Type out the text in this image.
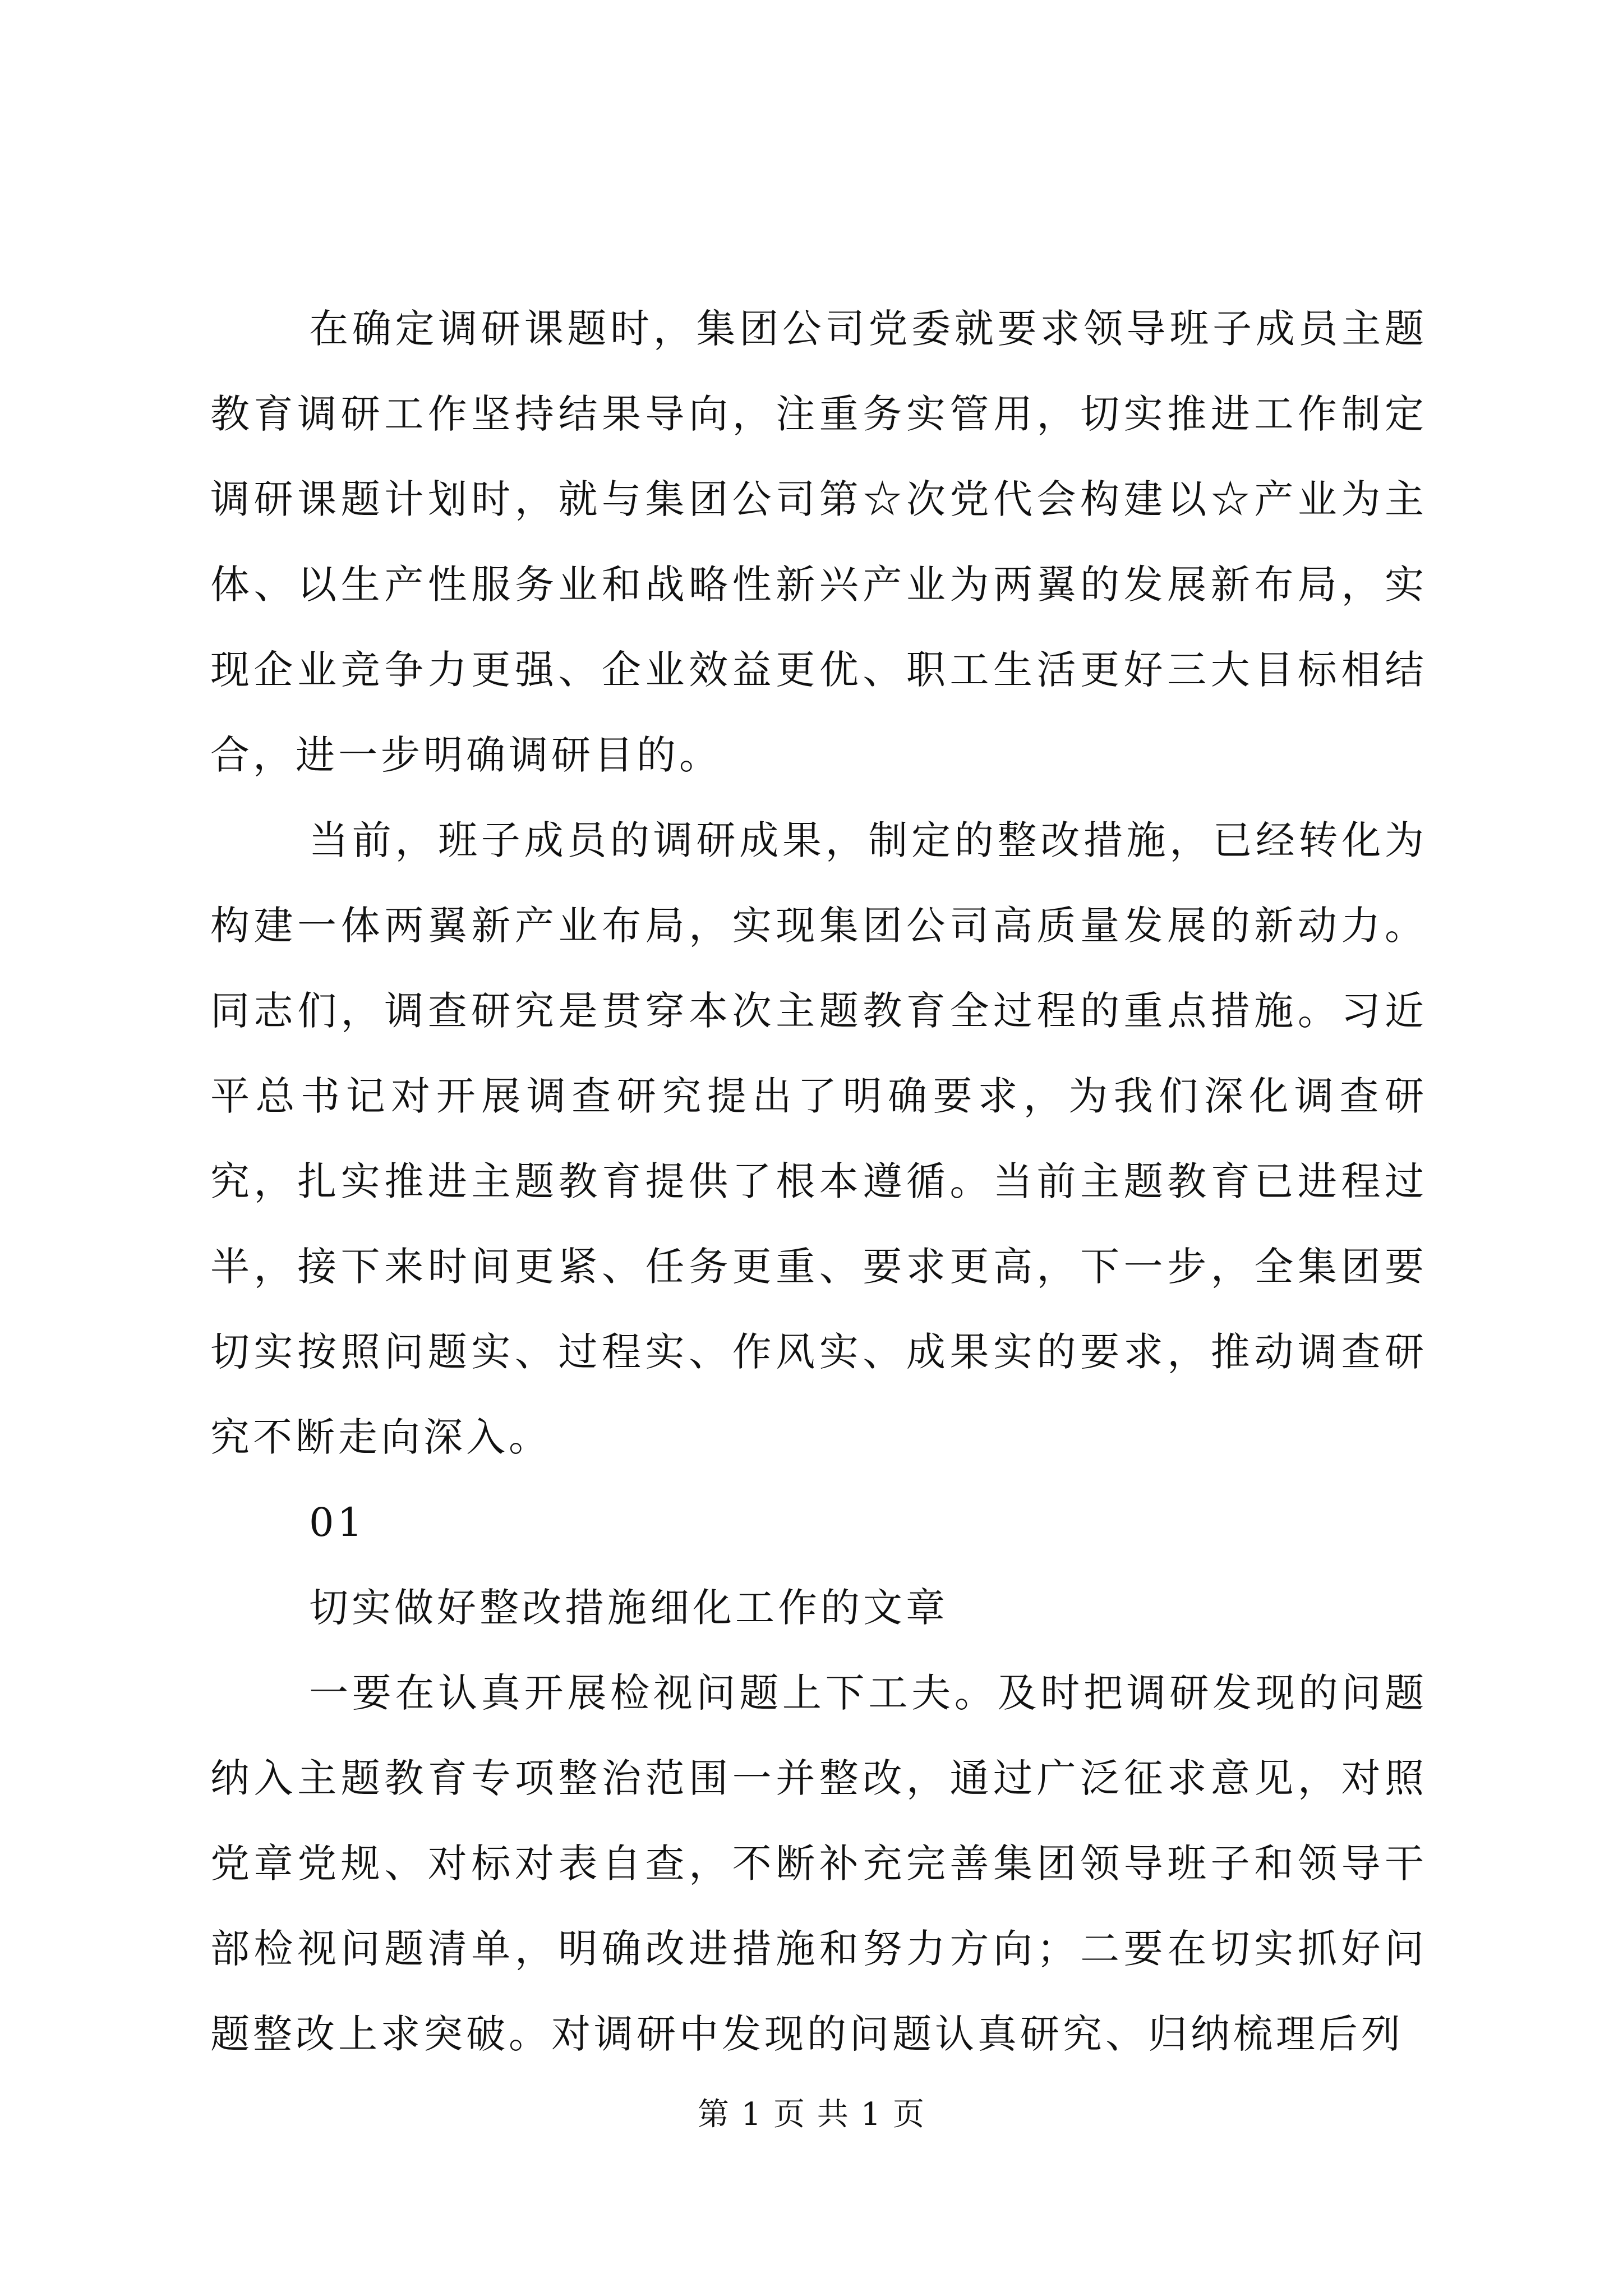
在确定调研课题时，集团公司党委就要求领导班子成员主题教育调研工作坚持结果导向，注重务实管用，切实推进工作制定调研课题计划时，就与集团公司第☆次党代会构建以☆产业为主体、以生产性服务业和战略性新兴产业为两翼的发展新布局，实现企业竞争力更强、企业效益更优、职工生活更好三大目标相结合，进一步明确调研目的。

当前，班子成员的调研成果，制定的整改措施，已经转化为构建一体两翼新产业布局，实现集团公司高质量发展的新动力。同志们，调查研究是贯穿本次主题教育全过程的重点措施。习近平总书记对开展调查研究提出了明确要求，为我们深化调查研究，扎实推进主题教育提供了根本遵循。当前主题教育已进程过半，接下来时间更紧、任务更重、要求更高，下一步，全集团要切实按照问题实、过程实、作风实、成果实的要求，推动调查研究不断走向深入。

01

切实做好整改措施细化工作的文章

一要在认真开展检视问题上下工夫。及时把调研发现的问题纳入主题教育专项整治范围一并整改，通过广泛征求意见，对照党章党规、对标对表自查，不断补充完善集团领导班子和领导干部检视问题清单，明确改进措施和努力方向；二要在切实抓好问题整改上求突破。对调研中发现的问题认真研究、归纳梳理后列

第 1 页 共 1 页
